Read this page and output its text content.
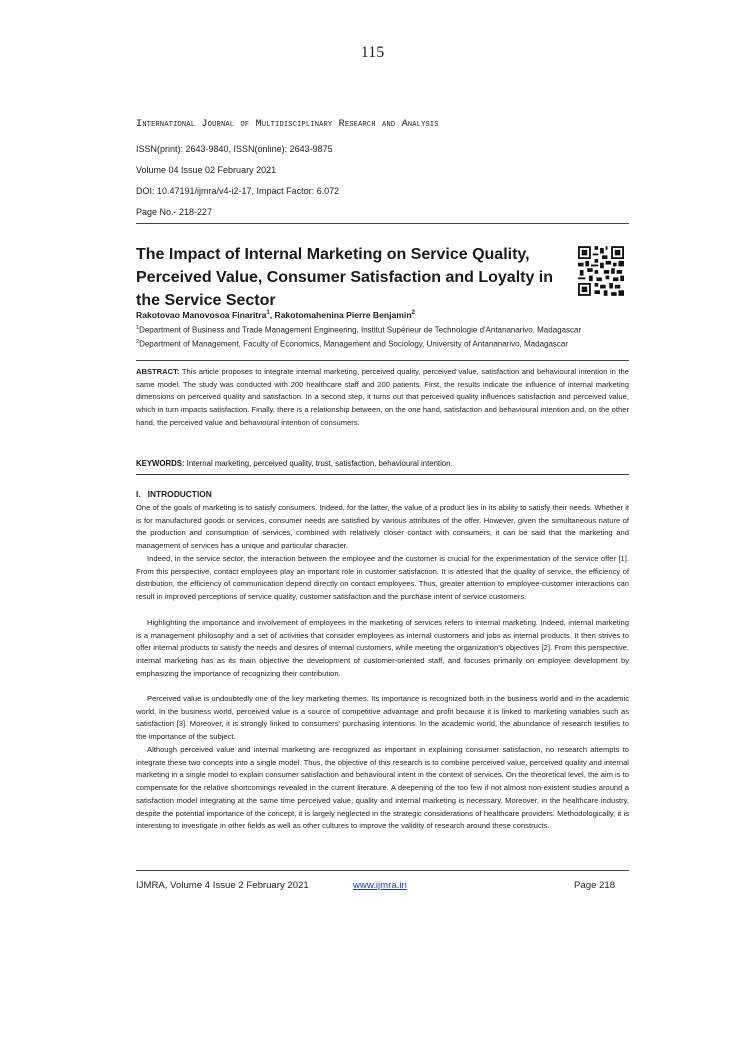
115
International Journal of Multidisciplinary Research and Analysis
ISSN(print): 2643-9840, ISSN(online): 2643-9875
Volume 04 Issue 02 February 2021
DOI: 10.47191/ijmra/v4-i2-17, Impact Factor: 6.072
Page No.- 218-227
The Impact of Internal Marketing on Service Quality, Perceived Value, Consumer Satisfaction and Loyalty in the Service Sector
Rakotovao Manovosoa Finaritra$^1$, Rakotomahenina Pierre Benjamin$^2$
$^1$Department of Business and Trade Management Engineering, Institut Supérieur de Technologie d'Antananarivo, Madagascar
$^2$Department of Management, Faculty of Economics, Management and Sociology, University of Antananarivo, Madagascar
ABSTRACT: This article proposes to integrate internal marketing, perceived quality, perceived value, satisfaction and behavioural intention in the same model. The study was conducted with 200 healthcare staff and 200 patients. First, the results indicate the influence of internal marketing dimensions on perceived quality and satisfaction. In a second step, it turns out that perceived quality influences satisfaction and perceived value, which in turn impacts satisfaction. Finally, there is a relationship between, on the one hand, satisfaction and behavioural intention and, on the other hand, the perceived value and behavioural intention of consumers.
KEYWORDS: Internal marketing, perceived quality, trust, satisfaction, behavioural intention.
I.   INTRODUCTION
One of the goals of marketing is to satisfy consumers. Indeed, for the latter, the value of a product lies in its ability to satisfy their needs. Whether it is for manufactured goods or services, consumer needs are satisfied by various attributes of the offer. However, given the simultaneous nature of the production and consumption of services, combined with relatively closer contact with consumers, it can be said that the marketing and management of services has a unique and particular character.
Indeed, in the service sector, the interaction between the employee and the customer is crucial for the experimentation of the service offer [1]. From this perspective, contact employees play an important role in customer satisfaction. It is attested that the quality of service, the efficiency of distribution, the efficiency of communication depend directly on contact employees. Thus, greater attention to employee-customer interactions can result in improved perceptions of service quality, customer satisfaction and the purchase intent of service customers.
Highlighting the importance and involvement of employees in the marketing of services refers to internal marketing. Indeed, internal marketing is a management philosophy and a set of activities that consider employees as internal customers and jobs as internal products. It then strives to offer internal products to satisfy the needs and desires of internal customers, while meeting the organization's objectives [2]. From this perspective, internal marketing has as its main objective the development of customer-oriented staff, and focuses primarily on employee development by emphasizing the importance of recognizing their contribution.
Perceived value is undoubtedly one of the key marketing themes. Its importance is recognized both in the business world and in the academic world. In the business world, perceived value is a source of competitive advantage and profit because it is linked to marketing variables such as satisfaction [3]. Moreover, it is strongly linked to consumers' purchasing intentions. In the academic world, the abundance of research testifies to the importance of the subject.
Although perceived value and internal marketing are recognized as important in explaining consumer satisfaction, no research attempts to integrate these two concepts into a single model. Thus, the objective of this research is to combine perceived value, perceived quality and internal marketing in a single model to explain consumer satisfaction and behavioural intent in the context of services. On the theoretical level, the aim is to compensate for the relative shortcomings revealed in the current literature. A deepening of the too few if not almost non-existent studies around a satisfaction model integrating at the same time perceived value, quality and internal marketing is necessary. Moreover, in the healthcare industry, despite the potential importance of the concept, it is largely neglected in the strategic considerations of healthcare providers. Methodologically, it is interesting to investigate in other fields as well as other cultures to improve the validity of research around these constructs.
IJMRA, Volume 4 Issue 2 February 2021	www.ijmra.in	Page 218
